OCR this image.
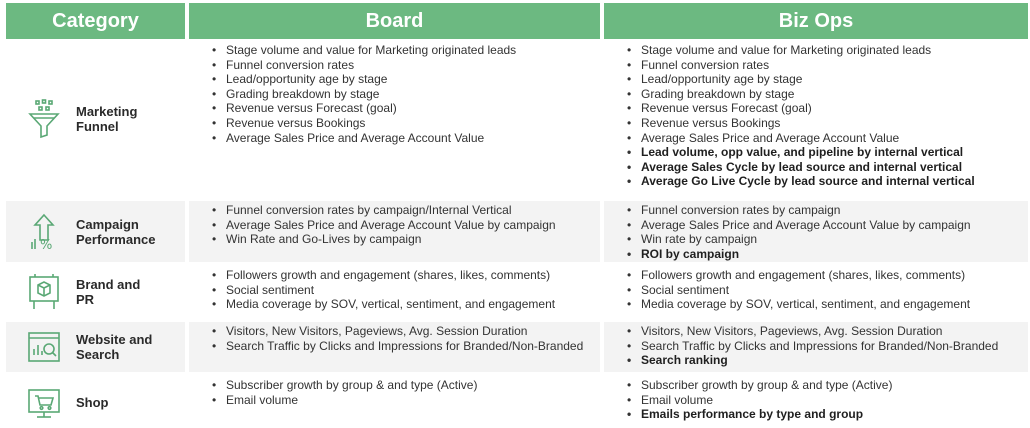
Category	Board	Biz Ops
Marketing
Funnel
• Stage volume and value for Marketing originated leads
• Funnel conversion rates
• Lead/opportunity age by stage
• Grading breakdown by stage
• Revenue versus Forecast (goal)
• Revenue versus Bookings
• Average Sales Price and Average Account Value
• Stage volume and value for Marketing originated leads
• Funnel conversion rates
• Lead/opportunity age by stage
• Grading breakdown by stage
• Revenue versus Forecast (goal)
• Revenue versus Bookings
• Average Sales Price and Average Account Value
• Lead volume, opp value, and pipeline by internal vertical
• Average Sales Cycle by lead source and internal vertical
• Average Go Live Cycle by lead source and internal vertical
%
Campaign
Performance
• Funnel conversion rates by campaign/Internal Vertical
• Average Sales Price and Average Account Value by campaign
• Win Rate and Go-Lives by campaign
• Funnel conversion rates by campaign
• Average Sales Price and Average Account Value by campaign
• Win rate by campaign
• ROI by campaign
Brand and
PR
• Followers growth and engagement (shares, likes, comments)
• Social sentiment
• Media coverage by SOV, vertical, sentiment, and engagement
• Followers growth and engagement (shares, likes, comments)
• Social sentiment
• Media coverage by SOV, vertical, sentiment, and engagement
Website and
Search
• Visitors, New Visitors, Pageviews, Avg. Session Duration
• Search Traffic by Clicks and Impressions for Branded/Non-Branded
• Visitors, New Visitors, Pageviews, Avg. Session Duration
• Search Traffic by Clicks and Impressions for Branded/Non-Branded
• Search ranking
Shop
• Subscriber growth by group & and type (Active)
• Email volume
• Subscriber growth by group & and type (Active)
• Email volume
• Emails performance by type and group
